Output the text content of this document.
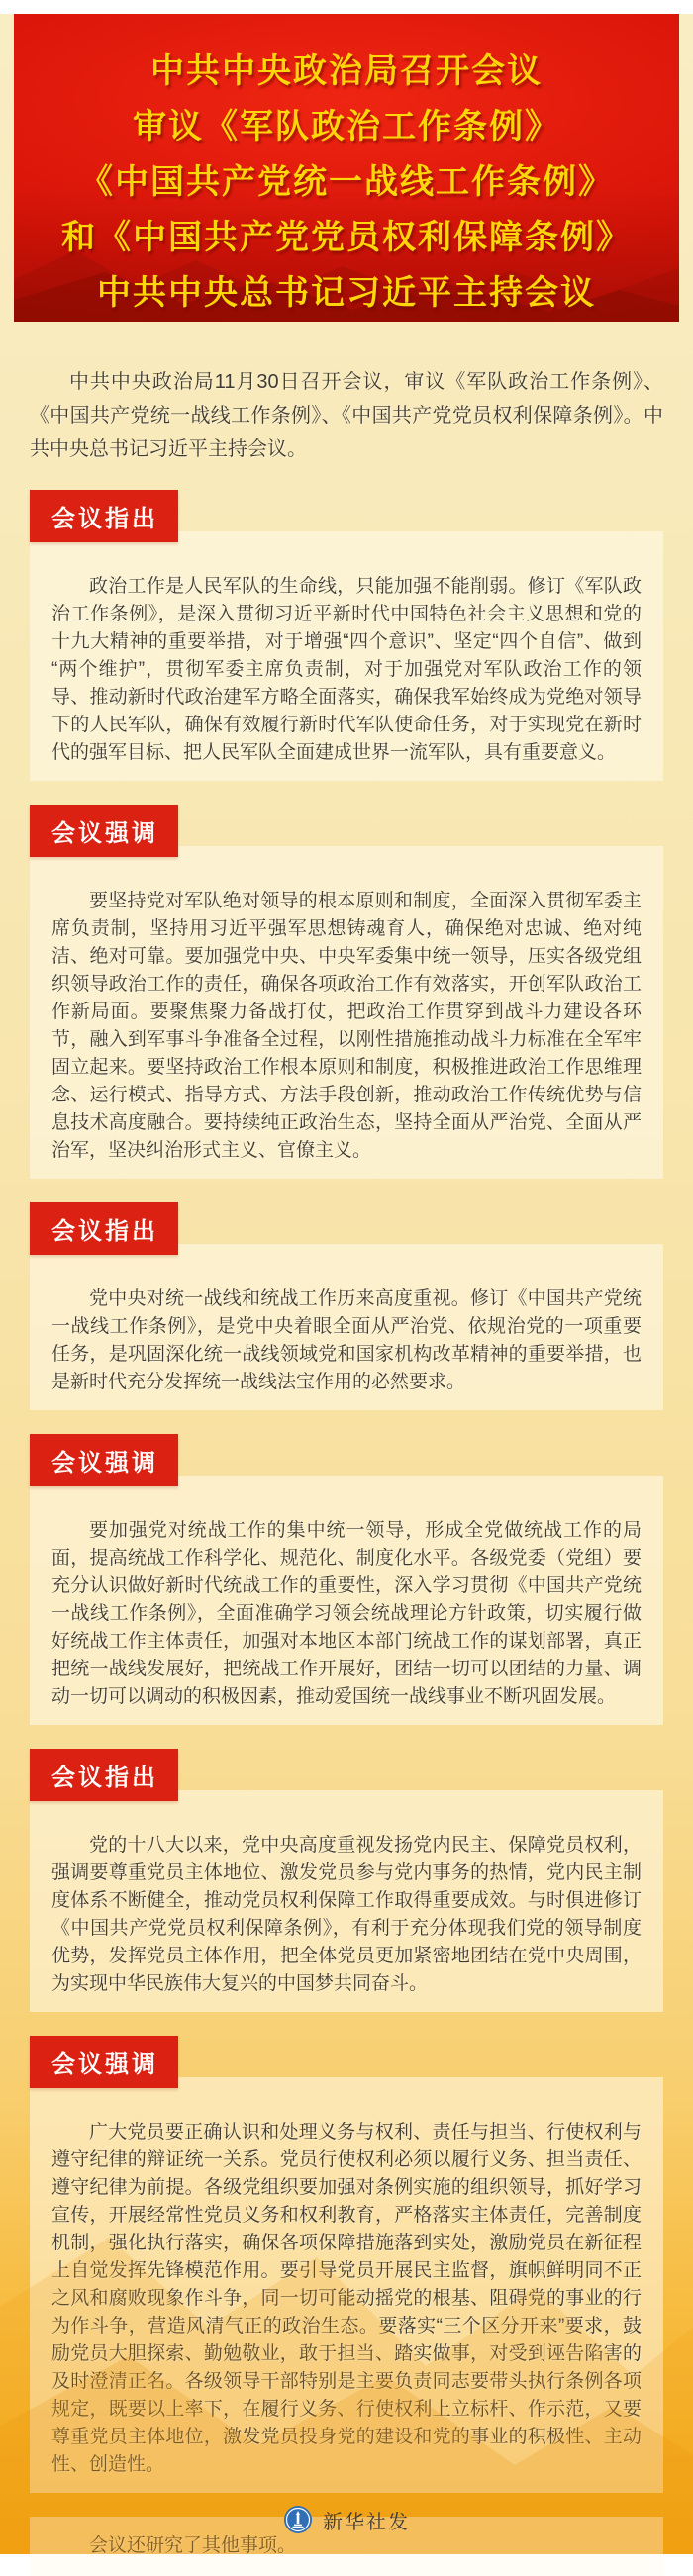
中共中央政治局召开会议
审议《军队政治工作条例》
《中国共产党统一战线工作条例》
和《中国共产党党员权利保障条例》
中共中央总书记习近平主持会议

中共中央政治局11月30日召开会议，审议《军队政治工作条例》、《中国共产党统一战线工作条例》、《中国共产党党员权利保障条例》。中共中央总书记习近平主持会议。

会议指出

政治工作是人民军队的生命线，只能加强不能削弱。修订《军队政治工作条例》，是深入贯彻习近平新时代中国特色社会主义思想和党的十九大精神的重要举措，对于增强“四个意识”、坚定“四个自信”、做到“两个维护”，贯彻军委主席负责制，对于加强党对军队政治工作的领导、推动新时代政治建军方略全面落实，确保我军始终成为党绝对领导下的人民军队，确保有效履行新时代军队使命任务，对于实现党在新时代的强军目标、把人民军队全面建成世界一流军队，具有重要意义。

会议强调

要坚持党对军队绝对领导的根本原则和制度，全面深入贯彻军委主席负责制，坚持用习近平强军思想铸魂育人，确保绝对忠诚、绝对纯洁、绝对可靠。要加强党中央、中央军委集中统一领导，压实各级党组织领导政治工作的责任，确保各项政治工作有效落实，开创军队政治工作新局面。要聚焦聚力备战打仗，把政治工作贯穿到战斗力建设各环节，融入到军事斗争准备全过程，以刚性措施推动战斗力标准在全军牢固立起来。要坚持政治工作根本原则和制度，积极推进政治工作思维理念、运行模式、指导方式、方法手段创新，推动政治工作传统优势与信息技术高度融合。要持续纯正政治生态，坚持全面从严治党、全面从严治军，坚决纠治形式主义、官僚主义。

会议指出

党中央对统一战线和统战工作历来高度重视。修订《中国共产党统一战线工作条例》，是党中央着眼全面从严治党、依规治党的一项重要任务，是巩固深化统一战线领域党和国家机构改革精神的重要举措，也是新时代充分发挥统一战线法宝作用的必然要求。

会议强调

要加强党对统战工作的集中统一领导，形成全党做统战工作的局面，提高统战工作科学化、规范化、制度化水平。各级党委（党组）要充分认识做好新时代统战工作的重要性，深入学习贯彻《中国共产党统一战线工作条例》，全面准确学习领会统战理论方针政策，切实履行做好统战工作主体责任，加强对本地区本部门统战工作的谋划部署，真正把统一战线发展好，把统战工作开展好，团结一切可以团结的力量、调动一切可以调动的积极因素，推动爱国统一战线事业不断巩固发展。

会议指出

党的十八大以来，党中央高度重视发扬党内民主、保障党员权利，强调要尊重党员主体地位、激发党员参与党内事务的热情，党内民主制度体系不断健全，推动党员权利保障工作取得重要成效。与时俱进修订《中国共产党党员权利保障条例》，有利于充分体现我们党的领导制度优势，发挥党员主体作用，把全体党员更加紧密地团结在党中央周围，为实现中华民族伟大复兴的中国梦共同奋斗。

会议强调

广大党员要正确认识和处理义务与权利、责任与担当、行使权利与遵守纪律的辩证统一关系。党员行使权利必须以履行义务、担当责任、遵守纪律为前提。各级党组织要加强对条例实施的组织领导，抓好学习宣传，开展经常性党员义务和权利教育，严格落实主体责任，完善制度机制，强化执行落实，确保各项保障措施落到实处，激励党员在新征程上自觉发挥先锋模范作用。要引导党员开展民主监督，旗帜鲜明同不正之风和腐败现象作斗争，同一切可能动摇党的根基、阻碍党的事业的行为作斗争，营造风清气正的政治生态。要落实“三个区分开来”要求，鼓励党员大胆探索、勤勉敬业，敢于担当、踏实做事，对受到诬告陷害的及时澄清正名。各级领导干部特别是主要负责同志要带头执行条例各项规定，既要以上率下，在履行义务、行使权利上立标杆、作示范，又要尊重党员主体地位，激发党员投身党的建设和党的事业的积极性、主动性、创造性。

会议还研究了其他事项。

新华社发
